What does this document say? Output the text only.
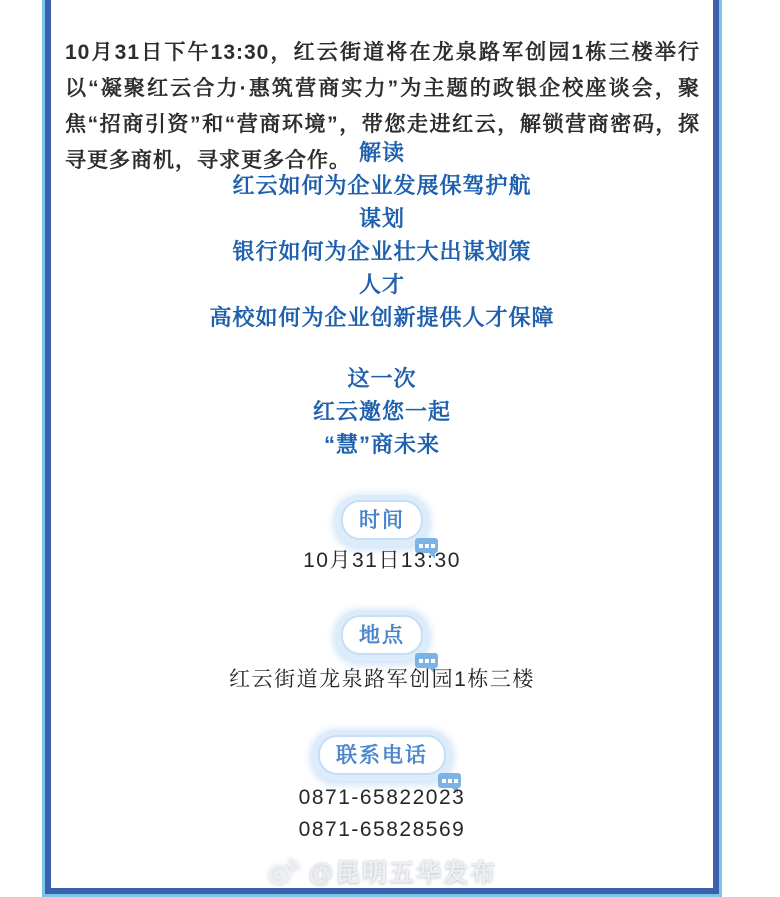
10月31日下午13:30，红云街道将在龙泉路军创园1栋三楼举行以“凝聚红云合力·惠筑营商实力”为主题的政银企校座谈会，聚焦“招商引资”和“营商环境”，带您走进红云，解锁营商密码，探寻更多商机，寻求更多合作。 解读
红云如何为企业发展保驾护航
谋划
银行如何为企业壮大出谋划策
人才
高校如何为企业创新提供人才保障
这一次
红云邀您一起
“慧”商未来
时间
10月31日13:30
地点
红云街道龙泉路军创园1栋三楼
联系电话
0871-65822023
0871-65828569
@昆明五华发布
